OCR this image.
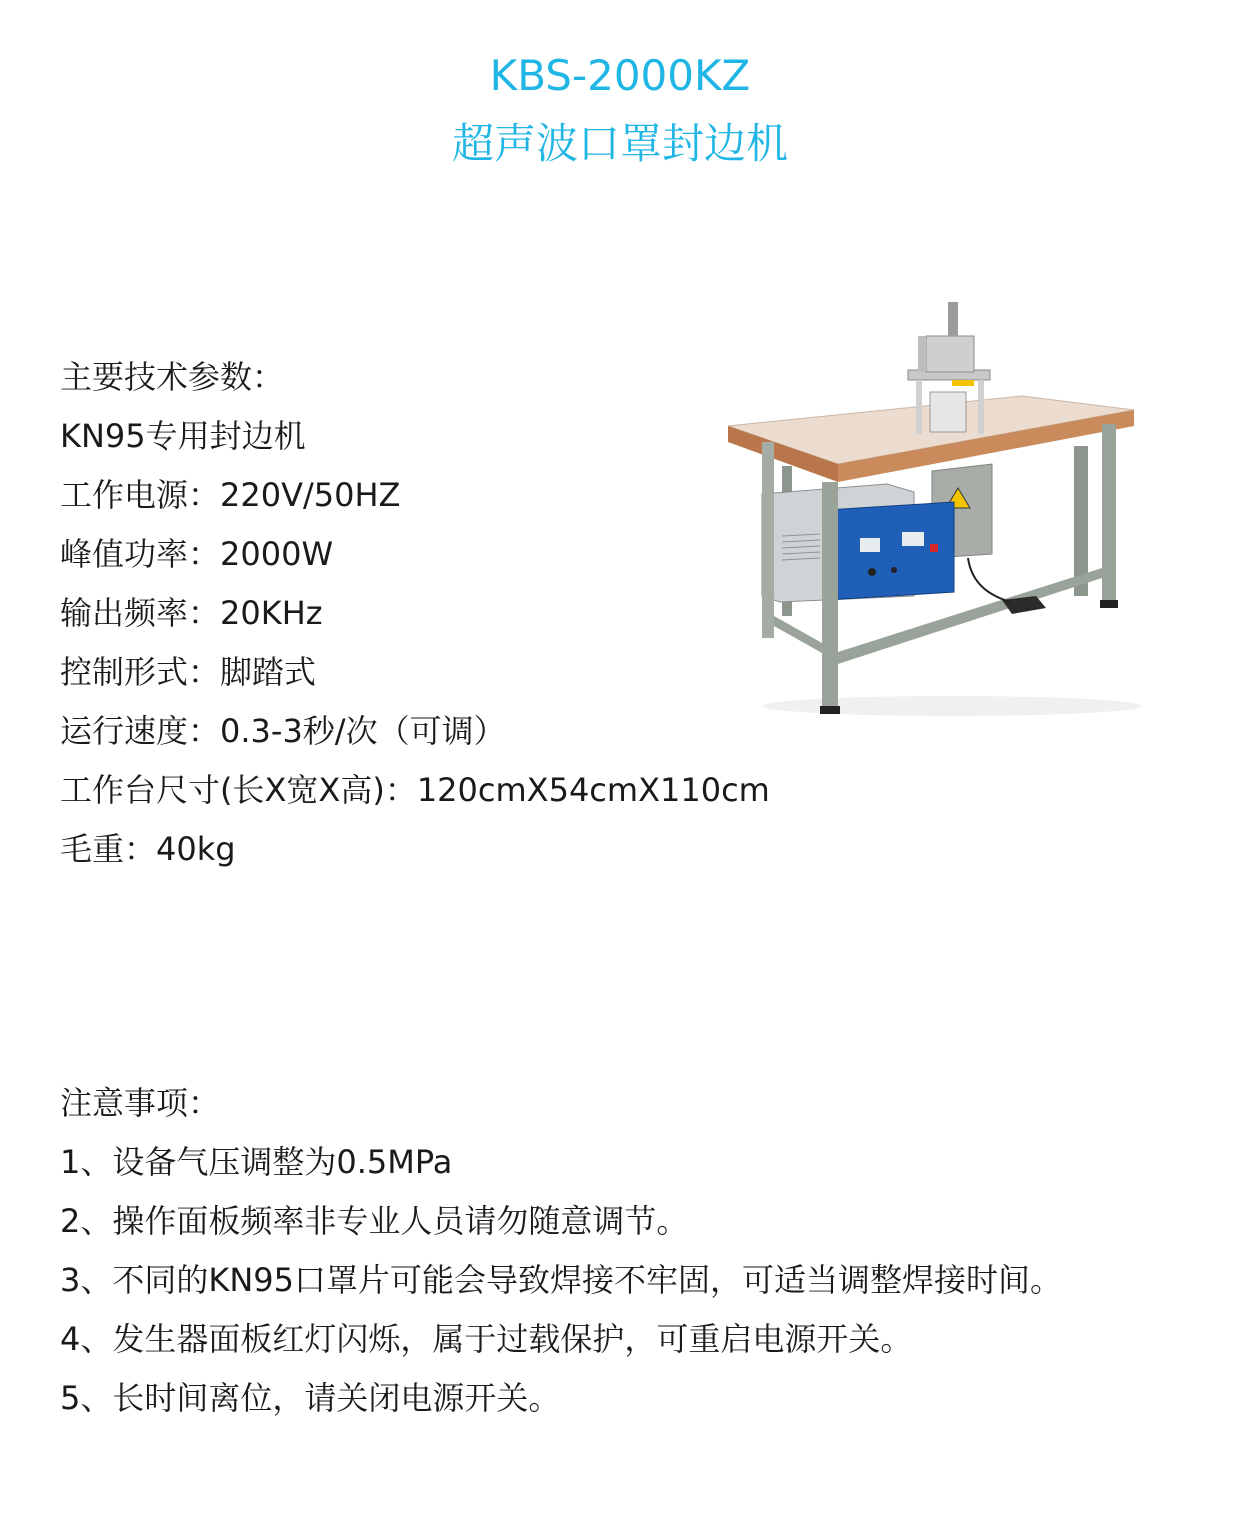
KBS-2000KZ
超声波口罩封边机
主要技术参数：
KN95专用封边机
工作电源：220V/50HZ
峰值功率：2000W
输出频率：20KHz
控制形式：脚踏式
运行速度：0.3-3秒/次（可调）
工作台尺寸(长X宽X高)：120cmX54cmX110cm
毛重：40kg
注意事项：
1、设备气压调整为0.5MPa
2、操作面板频率非专业人员请勿随意调节。
3、不同的KN95口罩片可能会导致焊接不牢固，可适当调整焊接时间。
4、发生器面板红灯闪烁，属于过载保护，可重启电源开关。
5、长时间离位，请关闭电源开关。
